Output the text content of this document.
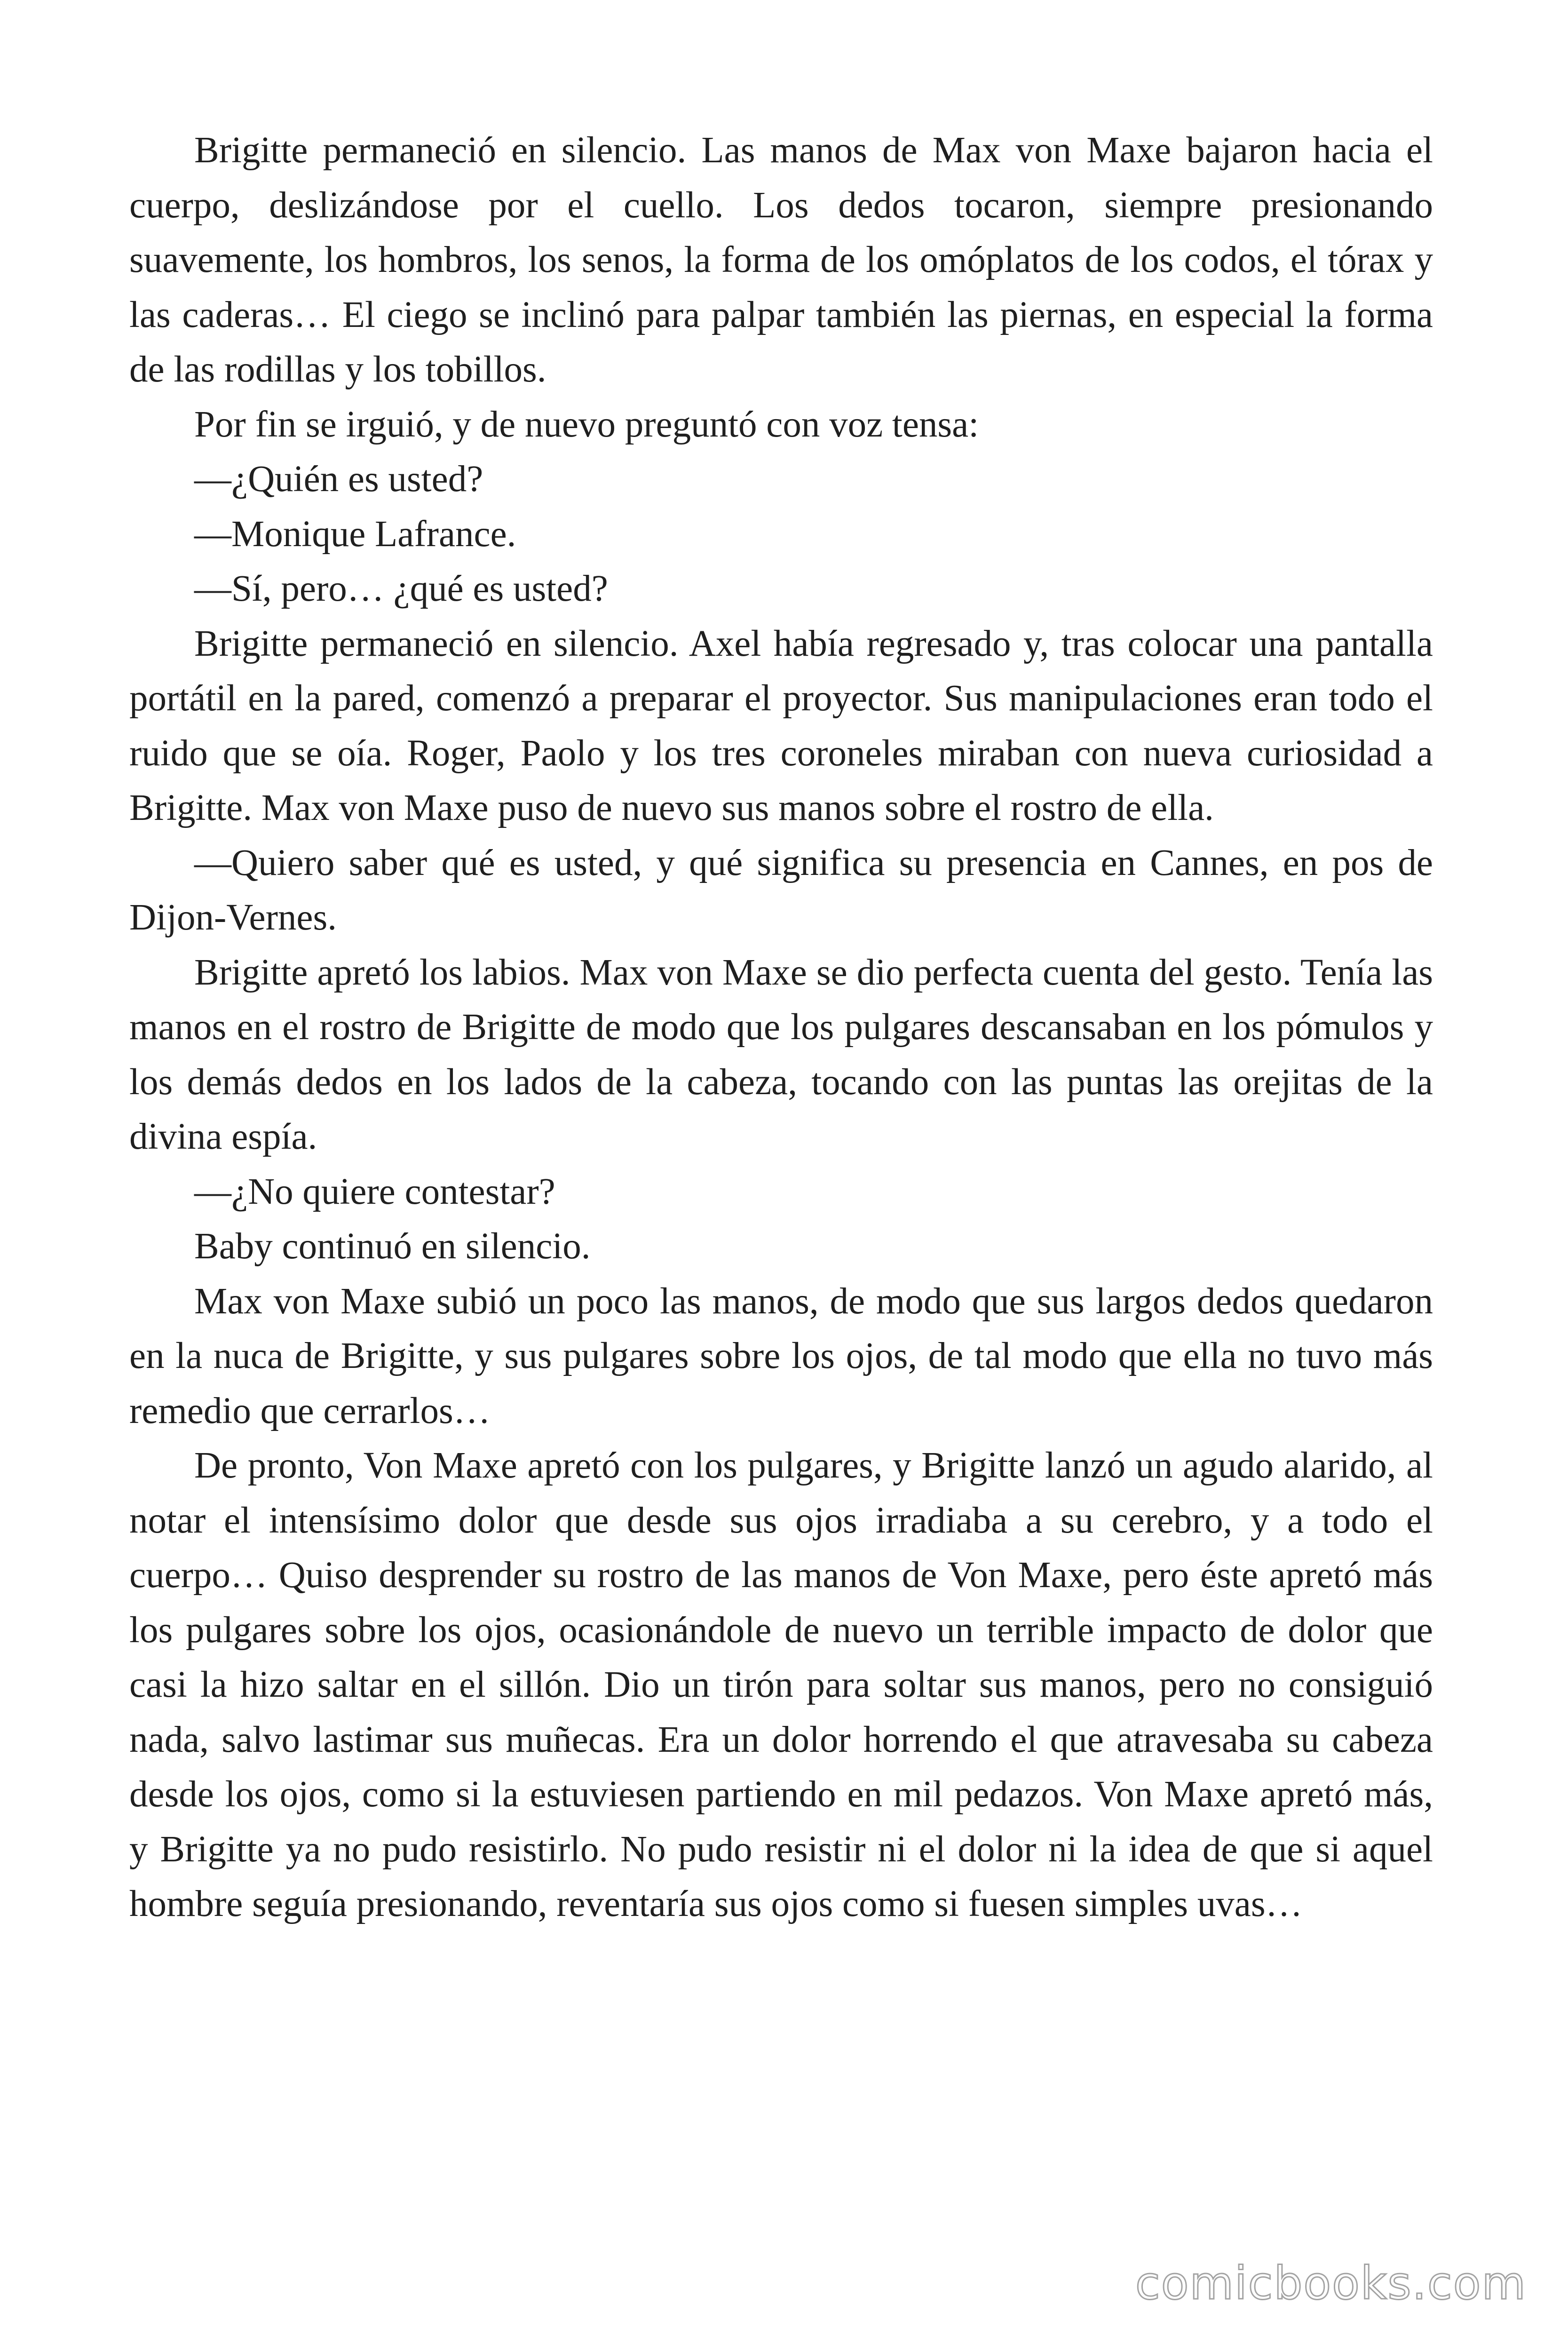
Brigitte permaneció en silencio. Las manos de Max von Maxe bajaron hacia el cuerpo, deslizándose por el cuello. Los dedos tocaron, siempre presionando suavemente, los hombros, los senos, la forma de los omóplatos de los codos, el tórax y las caderas… El ciego se inclinó para palpar también las piernas, en especial la forma de las rodillas y los tobillos.

Por fin se irguió, y de nuevo preguntó con voz tensa:

—¿Quién es usted?

—Monique Lafrance.

—Sí, pero… ¿qué es usted?

Brigitte permaneció en silencio. Axel había regresado y, tras colocar una pantalla portátil en la pared, comenzó a preparar el proyector. Sus manipulaciones eran todo el ruido que se oía. Roger, Paolo y los tres coroneles miraban con nueva curiosidad a Brigitte. Max von Maxe puso de nuevo sus manos sobre el rostro de ella.

—Quiero saber qué es usted, y qué significa su presencia en Cannes, en pos de Dijon-Vernes.

Brigitte apretó los labios. Max von Maxe se dio perfecta cuenta del gesto. Tenía las manos en el rostro de Brigitte de modo que los pulgares descansaban en los pómulos y los demás dedos en los lados de la cabeza, tocando con las puntas las orejitas de la divina espía.

—¿No quiere contestar?

Baby continuó en silencio.

Max von Maxe subió un poco las manos, de modo que sus largos dedos quedaron en la nuca de Brigitte, y sus pulgares sobre los ojos, de tal modo que ella no tuvo más remedio que cerrarlos…

De pronto, Von Maxe apretó con los pulgares, y Brigitte lanzó un agudo alarido, al notar el intensísimo dolor que desde sus ojos irradiaba a su cerebro, y a todo el cuerpo… Quiso desprender su rostro de las manos de Von Maxe, pero éste apretó más los pulgares sobre los ojos, ocasionándole de nuevo un terrible impacto de dolor que casi la hizo saltar en el sillón. Dio un tirón para soltar sus manos, pero no consiguió nada, salvo lastimar sus muñecas. Era un dolor horrendo el que atravesaba su cabeza desde los ojos, como si la estuviesen partiendo en mil pedazos. Von Maxe apretó más, y Brigitte ya no pudo resistirlo. No pudo resistir ni el dolor ni la idea de que si aquel hombre seguía presionando, reventaría sus ojos como si fuesen simples uvas…

comicbooks.com
